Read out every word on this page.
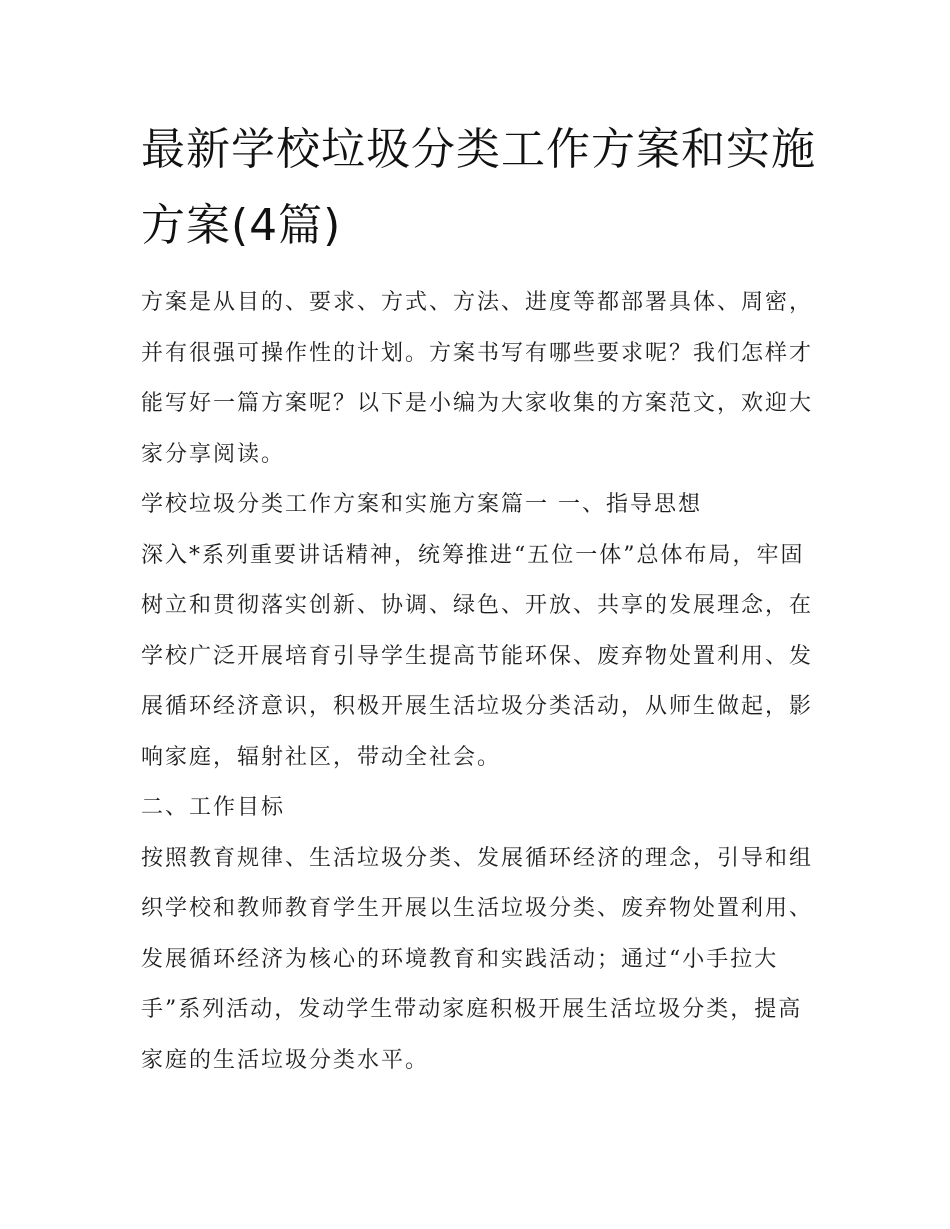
最新学校垃圾分类工作方案和实施方案(4篇)

方案是从目的、要求、方式、方法、进度等都部署具体、周密，并有很强可操作性的计划。方案书写有哪些要求呢？我们怎样才能写好一篇方案呢？以下是小编为大家收集的方案范文，欢迎大家分享阅读。

学校垃圾分类工作方案和实施方案篇一 一、指导思想

深入*系列重要讲话精神，统筹推进“五位一体”总体布局，牢固树立和贯彻落实创新、协调、绿色、开放、共享的发展理念，在学校广泛开展培育引导学生提高节能环保、废弃物处置利用、发展循环经济意识，积极开展生活垃圾分类活动，从师生做起，影响家庭，辐射社区，带动全社会。

二、工作目标

按照教育规律、生活垃圾分类、发展循环经济的理念，引导和组织学校和教师教育学生开展以生活垃圾分类、废弃物处置利用、发展循环经济为核心的环境教育和实践活动；通过“小手拉大手”系列活动，发动学生带动家庭积极开展生活垃圾分类，提高家庭的生活垃圾分类水平。
